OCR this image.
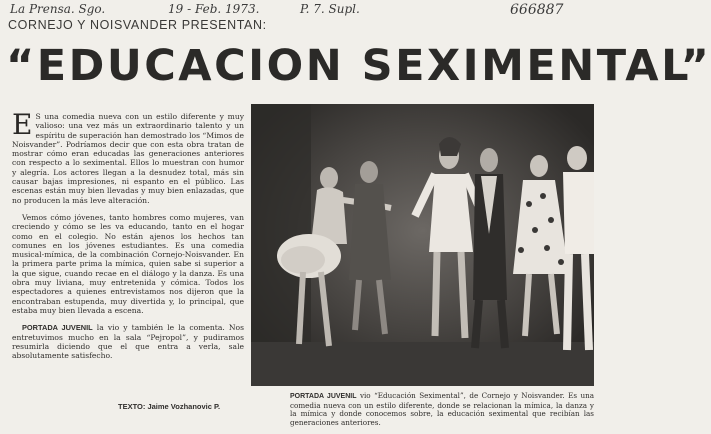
La Prensa. Sgo.	19 - Feb. 1973.	P. 7. Supl.	666887
CORNEJO Y NOISVANDER PRESENTAN:
“EDUCACION SEXIMENTAL”

E S una comedia nueva con un estilo diferente y muy valioso: una vez más un extraordinario talento y un espíritu de superación han demostrado los “Mimos de Noisvander”. Podríamos decir que con esta obra tratan de mostrar cómo eran educadas las generaciones anteriores con respecto a lo seximental. Ellos lo muestran con humor y alegría. Los actores llegan a la desnudez total, más sin causar bajas impresiones, ni espanto en el público. Las escenas están muy bien llevadas y muy bien enlazadas, que no producen la más leve alteración.

Vemos cómo jóvenes, tanto hombres como mujeres, van creciendo y cómo se les va educando, tanto en el hogar como en el colegio. No están ajenos los hechos tan comunes en los jóvenes estudiantes. Es una comedia musical-mímica, de la combinación Cornejo-Noisvander. En la primera parte prima la mímica, quien sabe si superior a la que sigue, cuando recae en el diálogo y la danza. Es una obra muy liviana, muy entretenida y cómica. Todos los espectadores a quienes entrevistamos nos dijeron que la encontraban estupenda, muy divertida y, lo principal, que estaba muy bien llevada a escena.

PORTADA JUVENIL la vio y también le la comenta. Nos entretuvimos mucho en la sala “Pejropol”, y pudiramos resumirla diciendo que el que entra a verla, sale absolutamente satisfecho.

TEXTO: Jaime Vozhanovic P.
PORTADA JUVENIL vio “Educación Seximental”, de Cornejo y Noisvander. Es una comedia nueva con un estilo diferente, donde se relacionan la mímica, la danza y la mímica y donde conocemos sobre, la educación seximental que recibían las generaciones anteriores.
